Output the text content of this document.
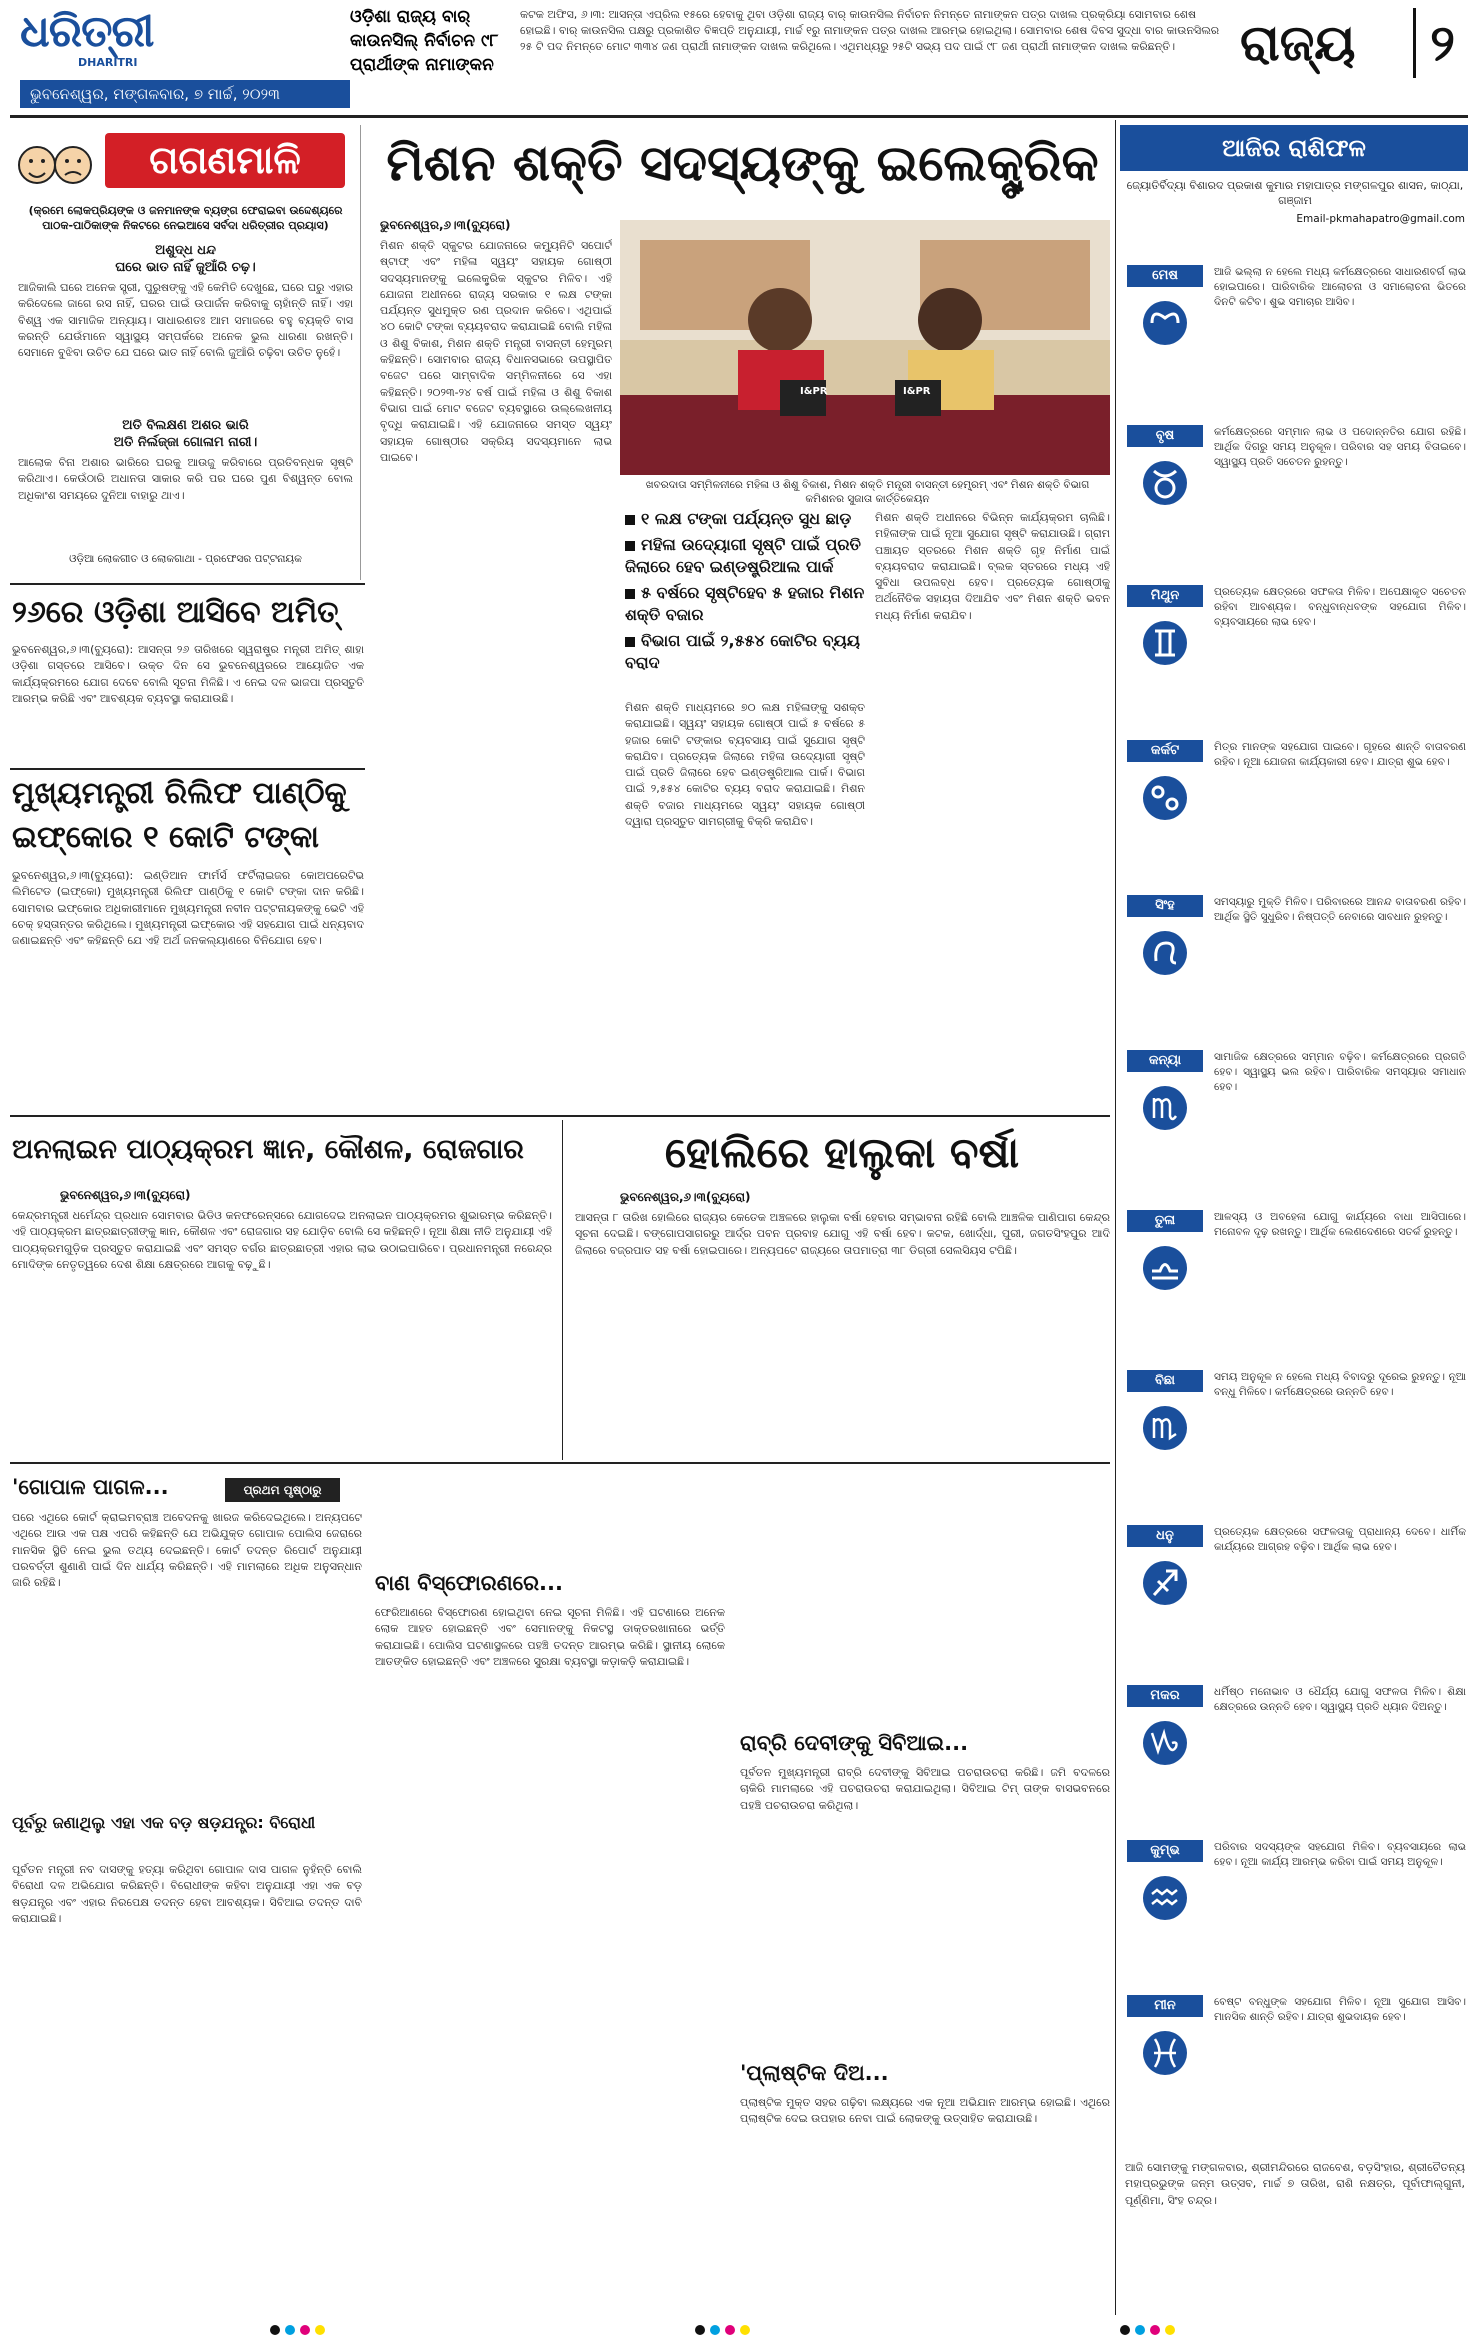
ଧରିତ୍ରୀ
DHARITRI
ଭୁବନେଶ୍ୱର, ମଙ୍ଗଳବାର, ୭ ମାର୍ଚ୍ଚ, ୨୦୨୩
ଓଡ଼ିଶା ରାଜ୍ୟ ବାର୍ କାଉନସିଲ୍ ନିର୍ବାଚନ ୯୮ ପ୍ରାର୍ଥୀଙ୍କ ନାମାଙ୍କନ
କଟକ ଅଫିସ, ୬।୩: ଆସନ୍ତା ଏପ୍ରିଲ ୧୫ରେ ହେବାକୁ ଥିବା ଓଡ଼ିଶା ରାଜ୍ୟ ବାର୍ କାଉନସିଲ ନିର୍ବାଚନ ନିମନ୍ତେ ନାମାଙ୍କନ ପତ୍ର ଦାଖଲ ପ୍ରକ୍ରିୟା ସୋମବାର ଶେଷ ହୋଇଛି। ବାର୍ କାଉନସିଲ ପକ୍ଷରୁ ପ୍ରକାଶିତ ବିଜ୍ଞପ୍ତି ଅନୁଯାୟୀ, ମାର୍ଚ୍ଚ ୧ରୁ ନାମାଙ୍କନ ପତ୍ର ଦାଖଲ ଆରମ୍ଭ ହୋଇଥିଲା। ସୋମବାର ଶେଷ ଦିବସ ସୁଦ୍ଧା ବାର କାଉନସିଲର ୨୫ ଟି ପଦ ନିମନ୍ତେ ମୋଟ ୩୩୪ ଜଣ ପ୍ରାର୍ଥୀ ନାମାଙ୍କନ ଦାଖଲ କରିଥିଲେ। ଏଥିମଧ୍ୟରୁ ୨୫ଟି ସଭ୍ୟ ପଦ ପାଇଁ ୯୮ ଜଣ ପ୍ରାର୍ଥୀ ନାମାଙ୍କନ ଦାଖଲ କରିଛନ୍ତି।	ରାଜ୍ୟ	୨
ଗଗଣମାଳି
(କ୍ରମେ ଲୋକପ୍ରିୟଙ୍କ ଓ ଜନମାନଙ୍କ ବ୍ୟଙ୍ଗ ଫେରାଇବା ଉଦ୍ଦେଶ୍ୟରେ ପାଠକ-ପାଠିକାଙ୍କ ନିକଟରେ ନେଇଆସେ ସର୍ବଦା ଧରିତ୍ରୀର ପ୍ରୟାସ)
ଅଶୁଦ୍ଧ ଧନ୍ଦ
ଘରେ ଭାତ ନାହିଁ ଜୁଆଁରି ଚଢ଼।
ଆଜିକାଲି ଘରେ ଅନେକ ସ୍ତ୍ରୀ, ପୁରୁଷଙ୍କୁ ଏହି କେମିତି ଦେଖୁଛେ, ଘରେ ଘରୁ ଏହାର କରିଦେଲେ ଜାଗେ ରସ ନାହିଁ, ଘରର ପାଇଁ ଉପାର୍ଜନ କରିବାକୁ ଚାହାଁନ୍ତି ନାହିଁ। ଏହା ବିଶ୍ୱ ଏକ ସାମାଜିକ ଅନ୍ୟାୟ। ସାଧାରଣତଃ ଆମ ସମାଜରେ ବହୁ ବ୍ୟକ୍ତି ବାସ କରନ୍ତି ଯେଉଁମାନେ ସ୍ୱାସ୍ଥ୍ୟ ସମ୍ପର୍କରେ ଅନେକ ଭୁଲ ଧାରଣା ରଖନ୍ତି। ସେମାନେ ବୁଝିବା ଉଚିତ ଯେ ଘରେ ଭାତ ନାହିଁ ବୋଲି ଜୁଆଁରି ଚଢ଼ିବା ଉଚିତ ନୁହେଁ।
ଅତି ବିଲକ୍ଷଣ ଅଶର ଭାରି
ଅତି ନିର୍ଲଜ୍ଜା ଗୋଳାମ ନାରୀ।
ଆଲୋକ ବିନା ଅଶାର ଭାରିରେ ଘରକୁ ଆଉଜୁ କରିବାରେ ପ୍ରତିବନ୍ଧକ ସୃଷ୍ଟି କରିଥାଏ। କେଉଁଠାରି ଅଧାନତା ସାକାର କରି ପର ଘରେ ପୁଣ ବିଶ୍ୱନ୍ତ ବୋଲ ଅଧିକାଂଶ ସମୟରେ ଦୁନିଆ ବାହାରୁ ଥାଏ।
ଓଡ଼ିଆ ଲୋକଗୀତ ଓ ଲୋକଗାଥା - ପ୍ରଫେସର ପଟ୍ଟନାୟକ
ମିଶନ ଶକ୍ତି ସଦସ୍ୟଙ୍କୁ ଇଲେକ୍ଟ୍ରିକ
ଭୁବନେଶ୍ୱର,୬।୩(ବ୍ୟୁରୋ)
ମିଶନ ଶକ୍ତି ସ୍କୁଟର ଯୋଜନାରେ କମ୍ୟୁନିଟି ସପୋର୍ଟ ଷ୍ଟାଫ୍ ଏବଂ ମହିଳା ସ୍ୱୟଂ ସହାୟକ ଗୋଷ୍ଠୀ ସଦସ୍ୟମାନଙ୍କୁ ଇଲେକ୍ଟ୍ରିକ ସ୍କୁଟର ମିଳିବ। ଏହି ଯୋଜନା ଅଧୀନରେ ରାଜ୍ୟ ସରକାର ୧ ଲକ୍ଷ ଟଙ୍କା ପର୍ଯ୍ୟନ୍ତ ସୁଧମୁକ୍ତ ରଣ ପ୍ରଦାନ କରିବେ। ଏଥିପାଇଁ ୪୦ କୋଟି ଟଙ୍କା ବ୍ୟୟବରାଦ କରାଯାଇଛି ବୋଲି ମହିଳା ଓ ଶିଶୁ ବିକାଶ, ମିଶନ ଶକ୍ତି ମନ୍ତ୍ରୀ ବାସନ୍ତୀ ହେମ୍ବ୍ରମ୍ କହିଛନ୍ତି। ସୋମବାର ରାଜ୍ୟ ବିଧାନସଭାରେ ଉପସ୍ଥାପିତ ବଜେଟ ପରେ ସାମ୍ବାଦିକ ସମ୍ମିଳନୀରେ ସେ ଏହା କହିଛନ୍ତି। ୨୦୨୩-୨୪ ବର୍ଷ ପାଇଁ ମହିଳା ଓ ଶିଶୁ ବିକାଶ ବିଭାଗ ପାଇଁ ମୋଟ ବଜେଟ ବ୍ୟବସ୍ଥାରେ ଉଲ୍ଲେଖନୀୟ ବୃଦ୍ଧି କରାଯାଇଛି। ଏହି ଯୋଜନାରେ ସମସ୍ତ ସ୍ୱୟଂ ସହାୟକ ଗୋଷ୍ଠୀର ସକ୍ରିୟ ସଦସ୍ୟମାନେ ଲାଭ ପାଇବେ।
I&PR	I&PR
ଖବରଦାତା ସମ୍ମିଳନୀରେ ମହିଳା ଓ ଶିଶୁ ବିକାଶ, ମିଶନ ଶକ୍ତି ମନ୍ତ୍ରୀ ବାସନ୍ତୀ ହେମ୍ବ୍ରମ୍ ଏବଂ ମିଶନ ଶକ୍ତି ବିଭାଗ କମିଶନର ସୁଜାତା କାର୍ତ୍ତିକେୟନ
୧ ଲକ୍ଷ ଟଙ୍କା ପର୍ଯ୍ୟନ୍ତ ସୁଧ ଛାଡ଼
ମହିଳା ଉଦ୍ୟୋଗୀ ସୃଷ୍ଟି ପାଇଁ ପ୍ରତି ଜିଲାରେ ହେବ ଇଣ୍ଡଷ୍ଟ୍ରିଆଲ ପାର୍କ
୫ ବର୍ଷରେ ସୃଷ୍ଟିହେବ ୫ ହଜାର ମିଶନ ଶକ୍ତି ବଜାର
ବିଭାଗ ପାଇଁ ୨,୫୫୪ କୋଟିର ବ୍ୟୟ ବରାଦ
ମିଶନ ଶକ୍ତି ମାଧ୍ୟମରେ ୭୦ ଲକ୍ଷ ମହିଳାଙ୍କୁ ସଶକ୍ତ କରାଯାଇଛି। ସ୍ୱୟଂ ସହାୟକ ଗୋଷ୍ଠୀ ପାଇଁ ୫ ବର୍ଷରେ ୫ ହଜାର କୋଟି ଟଙ୍କାର ବ୍ୟବସାୟ ପାଇଁ ସୁଯୋଗ ସୃଷ୍ଟି କରାଯିବ। ପ୍ରତ୍ୟେକ ଜିଲାରେ ମହିଳା ଉଦ୍ୟୋଗୀ ସୃଷ୍ଟି ପାଇଁ ପ୍ରତି ଜିଲାରେ ହେବ ଇଣ୍ଡଷ୍ଟ୍ରିଆଲ ପାର୍କ। ବିଭାଗ ପାଇଁ ୨,୫୫୪ କୋଟିର ବ୍ୟୟ ବରାଦ କରାଯାଇଛି। ମିଶନ ଶକ୍ତି ବଜାର ମାଧ୍ୟମରେ ସ୍ୱୟଂ ସହାୟକ ଗୋଷ୍ଠୀ ଦ୍ୱାରା ପ୍ରସ୍ତୁତ ସାମଗ୍ରୀକୁ ବିକ୍ରି କରାଯିବ।
ମିଶନ ଶକ୍ତି ଅଧୀନରେ ବିଭିନ୍ନ କାର୍ଯ୍ୟକ୍ରମ ଚାଲିଛି। ମହିଳାଙ୍କ ପାଇଁ ନୂଆ ସୁଯୋଗ ସୃଷ୍ଟି କରାଯାଉଛି। ଗ୍ରାମ ପଞ୍ଚାୟତ ସ୍ତରରେ ମିଶନ ଶକ୍ତି ଗୃହ ନିର୍ମାଣ ପାଇଁ ବ୍ୟୟବରାଦ କରାଯାଇଛି। ବ୍ଲକ ସ୍ତରରେ ମଧ୍ୟ ଏହି ସୁବିଧା ଉପଲବ୍ଧ ହେବ। ପ୍ରତ୍ୟେକ ଗୋଷ୍ଠୀକୁ ଅର୍ଥନୈତିକ ସହାୟତା ଦିଆଯିବ ଏବଂ ମିଶନ ଶକ୍ତି ଭବନ ମଧ୍ୟ ନିର୍ମାଣ କରାଯିବ।
୨୬ରେ ଓଡ଼ିଶା ଆସିବେ ଅମିତ୍
ଭୁବନେଶ୍ୱର,୬।୩(ବ୍ୟୁରୋ): ଆସନ୍ତା ୨୬ ତାରିଖରେ ସ୍ୱରାଷ୍ଟ୍ର ମନ୍ତ୍ରୀ ଅମିତ୍ ଶାହା ଓଡ଼ିଶା ଗସ୍ତରେ ଆସିବେ। ଉକ୍ତ ଦିନ ସେ ଭୁବନେଶ୍ୱରରେ ଆୟୋଜିତ ଏକ କାର୍ଯ୍ୟକ୍ରମରେ ଯୋଗ ଦେବେ ବୋଲି ସୂଚନା ମିଳିଛି। ଏ ନେଇ ଦଳ ଭାଜପା ପ୍ରସ୍ତୁତି ଆରମ୍ଭ କରିଛି ଏବଂ ଆବଶ୍ୟକ ବ୍ୟବସ୍ଥା କରାଯାଉଛି।
ମୁଖ୍ୟମନ୍ତ୍ରୀ ରିଲିଫ ପାଣ୍ଠିକୁ ଇଫ୍‌କୋର ୧ କୋଟି ଟଙ୍କା
ଭୁବନେଶ୍ୱର,୬।୩(ବ୍ୟୁରୋ): ଇଣ୍ଡିଆନ ଫାର୍ମର୍ସ ଫର୍ଟିଲାଇଜର କୋଅପରେଟିଭ ଲିମିଟେଡ (ଇଫ୍‌କୋ) ମୁଖ୍ୟମନ୍ତ୍ରୀ ରିଲିଫ ପାଣ୍ଠିକୁ ୧ କୋଟି ଟଙ୍କା ଦାନ କରିଛି। ସୋମବାର ଇଫ୍‌କୋର ଅଧିକାରୀମାନେ ମୁଖ୍ୟମନ୍ତ୍ରୀ ନବୀନ ପଟ୍ଟନାୟକଙ୍କୁ ଭେଟି ଏହି ଚେକ୍ ହସ୍ତାନ୍ତର କରିଥିଲେ। ମୁଖ୍ୟମନ୍ତ୍ରୀ ଇଫ୍‌କୋର ଏହି ସହଯୋଗ ପାଇଁ ଧନ୍ୟବାଦ ଜଣାଇଛନ୍ତି ଏବଂ କହିଛନ୍ତି ଯେ ଏହି ଅର୍ଥ ଜନକଲ୍ୟାଣରେ ବିନିଯୋଗ ହେବ।
ଅନଲାଇନ ପାଠ୍ୟକ୍ରମ ଜ୍ଞାନ, କୌଶଳ, ରୋଜଗାର
ଭୁବନେଶ୍ୱର,୬।୩(ବ୍ୟୁରୋ)
କେନ୍ଦ୍ରମନ୍ତ୍ରୀ ଧର୍ମେନ୍ଦ୍ର ପ୍ରଧାନ ସୋମବାର ଭିଡିଓ କନଫରେନ୍ସରେ ଯୋଗଦେଇ ଅନଲାଇନ ପାଠ୍ୟକ୍ରମର ଶୁଭାରମ୍ଭ କରିଛନ୍ତି। ଏହି ପାଠ୍ୟକ୍ରମ ଛାତ୍ରଛାତ୍ରୀଙ୍କୁ ଜ୍ଞାନ, କୌଶଳ ଏବଂ ରୋଜଗାର ସହ ଯୋଡ଼ିବ ବୋଲି ସେ କହିଛନ୍ତି। ନୂଆ ଶିକ୍ଷା ନୀତି ଅନୁଯାୟୀ ଏହି ପାଠ୍ୟକ୍ରମଗୁଡ଼ିକ ପ୍ରସ୍ତୁତ କରାଯାଇଛି ଏବଂ ସମସ୍ତ ବର୍ଗର ଛାତ୍ରଛାତ୍ରୀ ଏହାର ଲାଭ ଉଠାଇପାରିବେ। ପ୍ରଧାନମନ୍ତ୍ରୀ ନରେନ୍ଦ୍ର ମୋଦିଙ୍କ ନେତୃତ୍ୱରେ ଦେଶ ଶିକ୍ଷା କ୍ଷେତ୍ରରେ ଆଗକୁ ବଢ଼ୁଛି।
ହୋଲିରେ ହାଲୁକା ବର୍ଷା
ଭୁବନେଶ୍ୱର,୬।୩(ବ୍ୟୁରୋ)
ଆସନ୍ତା ୮ ତାରିଖ ହୋଲିରେ ରାଜ୍ୟର କେତେକ ଅଞ୍ଚଳରେ ହାଲୁକା ବର୍ଷା ହେବାର ସମ୍ଭାବନା ରହିଛି ବୋଲି ଆଞ୍ଚଳିକ ପାଣିପାଗ କେନ୍ଦ୍ର ସୂଚନା ଦେଇଛି। ବଙ୍ଗୋପସାଗରରୁ ଆର୍ଦ୍ର ପବନ ପ୍ରବାହ ଯୋଗୁ ଏହି ବର୍ଷା ହେବ। କଟକ, ଖୋର୍ଦ୍ଧା, ପୁରୀ, ଜଗତସିଂହପୁର ଆଦି ଜିଲାରେ ବଜ୍ରପାତ ସହ ବର୍ଷା ହୋଇପାରେ। ଅନ୍ୟପଟେ ରାଜ୍ୟରେ ତାପମାତ୍ରା ୩୮ ଡିଗ୍ରୀ ସେଲସିୟସ ଟପିଛି।
'ଗୋପାଳ ପାଗଳ...	ପ୍ରଥମ ପୃଷ୍ଠାରୁ
ପରେ ଏଥିରେ କୋର୍ଟ କ୍ରାଇମବ୍ରାଞ୍ଚ ଅବେଦନକୁ ଖାରଜ କରିଦେଇଥିଲେ। ଅନ୍ୟପଟେ ଏଥିରେ ଆଉ ଏକ ପକ୍ଷ ଏପରି କହିଛନ୍ତି ଯେ ଅଭିଯୁକ୍ତ ଗୋପାଳ ପୋଲିସ ଜେରାରେ ମାନସିକ ସ୍ଥିତି ନେଇ ଭୁଲ ତଥ୍ୟ ଦେଇଛନ୍ତି। କୋର୍ଟ ତଦନ୍ତ ରିପୋର୍ଟ ଅନୁଯାୟୀ ପରବର୍ତ୍ତୀ ଶୁଣାଣି ପାଇଁ ଦିନ ଧାର୍ଯ୍ୟ କରିଛନ୍ତି। ଏହି ମାମଲାରେ ଅଧିକ ଅନୁସନ୍ଧାନ ଜାରି ରହିଛି।
ପୂର୍ବରୁ ଜଣାଥିଲୁ ଏହା ଏକ ବଡ଼ ଷଡ଼ଯନ୍ତ୍ର: ବିରୋଧୀ
ପୂର୍ବତନ ମନ୍ତ୍ରୀ ନବ ଦାସଙ୍କୁ ହତ୍ୟା କରିଥିବା ଗୋପାଳ ଦାସ ପାଗଳ ନୁହଁନ୍ତି ବୋଲି ବିରୋଧୀ ଦଳ ଅଭିଯୋଗ କରିଛନ୍ତି। ବିରୋଧୀଙ୍କ କହିବା ଅନୁଯାୟୀ ଏହା ଏକ ବଡ଼ ଷଡ଼ଯନ୍ତ୍ର ଏବଂ ଏହାର ନିରପେକ୍ଷ ତଦନ୍ତ ହେବା ଆବଶ୍ୟକ। ସିବିଆଇ ତଦନ୍ତ ଦାବି କରାଯାଇଛି।
ବାଣ ବିସ୍ଫୋରଣରେ...
ଫେରିଆଣରେ ବିସ୍ଫୋରଣ ହୋଇଥିବା ନେଇ ସୂଚନା ମିଳିଛି। ଏହି ଘଟଣାରେ ଅନେକ ଲୋକ ଆହତ ହୋଇଛନ୍ତି ଏବଂ ସେମାନଙ୍କୁ ନିକଟସ୍ଥ ଡାକ୍ତରଖାନାରେ ଭର୍ତ୍ତି କରାଯାଇଛି। ପୋଲିସ ଘଟଣାସ୍ଥଳରେ ପହଞ୍ଚି ତଦନ୍ତ ଆରମ୍ଭ କରିଛି। ସ୍ଥାନୀୟ ଲୋକେ ଆତଙ୍କିତ ହୋଇଛନ୍ତି ଏବଂ ଅଞ୍ଚଳରେ ସୁରକ୍ଷା ବ୍ୟବସ୍ଥା କଡ଼ାକଡ଼ି କରାଯାଇଛି।
ରାବ୍ରି ଦେବୀଙ୍କୁ ସିବିଆଇ...
ପୂର୍ବତନ ମୁଖ୍ୟମନ୍ତ୍ରୀ ରାବ୍ରି ଦେବୀଙ୍କୁ ସିବିଆଇ ପଚରାଉଚରା କରିଛି। ଜମି ବଦଳରେ ଚାକିରି ମାମଲାରେ ଏହି ପଚରାଉଚରା କରାଯାଇଥିଲା। ସିବିଆଇ ଟିମ୍ ତାଙ୍କ ବାସଭବନରେ ପହଞ୍ଚି ପଚରାଉଚରା କରିଥିଲା।
'ପ୍ଲାଷ୍ଟିକ ଦିଅ...
ପ୍ଲାଷ୍ଟିକ ମୁକ୍ତ ସହର ଗଢ଼ିବା ଲକ୍ଷ୍ୟରେ ଏକ ନୂଆ ଅଭିଯାନ ଆରମ୍ଭ ହୋଇଛି। ଏଥିରେ ପ୍ଲାଷ୍ଟିକ ଦେଇ ଉପହାର ନେବା ପାଇଁ ଲୋକଙ୍କୁ ଉତ୍ସାହିତ କରାଯାଉଛି।
ଆଜିର ରାଶିଫଳ
ଜ୍ୟୋତିର୍ବିଦ୍ୟା ବିଶାରଦ ପ୍ରକାଶ କୁମାର ମହାପାତ୍ର ମଙ୍ଗଳପୁର ଶାସନ, କାଠ୍ଯା, ଗଞ୍ଜାମ
Email-pkmahapatro@gmail.com
ମେଷ	ଆଜି ଭଲ୍ଲା ନ ହେଲେ ମଧ୍ୟ କର୍ମକ୍ଷେତ୍ରରେ ସାଧାରଣବର୍ଗ ଲାଭ ହୋଇପାରେ। ପାରିବାରିକ ଆଲୋଚନା ଓ ସମାଲୋଚନା ଭିତରେ ଦିନଟି କଟିବ। ଶୁଭ ସମାଚାର ଆସିବ।
ବୃଷ	କର୍ମକ୍ଷେତ୍ରରେ ସମ୍ମାନ ଲାଭ ଓ ପଦୋନ୍ନତିର ଯୋଗ ରହିଛି। ଆର୍ଥିକ ଦିଗରୁ ସମୟ ଅନୁକୂଳ। ପରିବାର ସହ ସମୟ ବିତାଇବେ। ସ୍ୱାସ୍ଥ୍ୟ ପ୍ରତି ସଚେତନ ରୁହନ୍ତୁ।
ମିଥୁନ	ପ୍ରତ୍ୟେକ କ୍ଷେତ୍ରରେ ସଫଳତା ମିଳିବ। ଅପେକ୍ଷାକୃତ ସଚେତନ ରହିବା ଆବଶ୍ୟକ। ବନ୍ଧୁବାନ୍ଧବଙ୍କ ସହଯୋଗ ମିଳିବ। ବ୍ୟବସାୟରେ ଲାଭ ହେବ।
କର୍କଟ	ମିତ୍ର ମାନଙ୍କ ସହଯୋଗ ପାଇବେ। ଗୃହରେ ଶାନ୍ତି ବାତାବରଣ ରହିବ। ନୂଆ ଯୋଜନା କାର୍ଯ୍ୟକାରୀ ହେବ। ଯାତ୍ରା ଶୁଭ ହେବ।
ସିଂହ	ସମସ୍ୟାରୁ ମୁକ୍ତି ମିଳିବ। ପରିବାରରେ ଆନନ୍ଦ ବାତାବରଣ ରହିବ। ଆର୍ଥିକ ସ୍ଥିତି ସୁଧୁରିବ। ନିଷ୍ପତ୍ତି ନେବାରେ ସାବଧାନ ରୁହନ୍ତୁ।
କନ୍ୟା	ସାମାଜିକ କ୍ଷେତ୍ରରେ ସମ୍ମାନ ବଢ଼ିବ। କର୍ମକ୍ଷେତ୍ରରେ ପ୍ରଗତି ହେବ। ସ୍ୱାସ୍ଥ୍ୟ ଭଲ ରହିବ। ପାରିବାରିକ ସମସ୍ୟାର ସମାଧାନ ହେବ।
ତୁଳା	ଆଳସ୍ୟ ଓ ଅବହେଳା ଯୋଗୁ କାର୍ଯ୍ୟରେ ବାଧା ଆସିପାରେ। ମନୋବଳ ଦୃଢ଼ ରଖନ୍ତୁ। ଆର୍ଥିକ ଲେଣଦେଣରେ ସତର୍କ ରୁହନ୍ତୁ।
ବିଛା	ସମୟ ଅନୁକୂଳ ନ ହେଲେ ମଧ୍ୟ ବିବାଦରୁ ଦୂରେଇ ରୁହନ୍ତୁ। ନୂଆ ବନ୍ଧୁ ମିଳିବେ। କର୍ମକ୍ଷେତ୍ରରେ ଉନ୍ନତି ହେବ।
ଧନୁ	ପ୍ରତ୍ୟେକ କ୍ଷେତ୍ରରେ ସଫଳତାକୁ ପ୍ରାଧାନ୍ୟ ଦେବେ। ଧାର୍ମିକ କାର୍ଯ୍ୟରେ ଆଗ୍ରହ ବଢ଼ିବ। ଆର୍ଥିକ ଲାଭ ହେବ।
ମକର	ଧର୍ମିଷ୍ଠ ମନୋଭାବ ଓ ଧୈର୍ଯ୍ୟ ଯୋଗୁ ସଫଳତା ମିଳିବ। ଶିକ୍ଷା କ୍ଷେତ୍ରରେ ଉନ୍ନତି ହେବ। ସ୍ୱାସ୍ଥ୍ୟ ପ୍ରତି ଧ୍ୟାନ ଦିଅନ୍ତୁ।
କୁମ୍ଭ	ପରିବାର ସଦସ୍ୟଙ୍କ ସହଯୋଗ ମିଳିବ। ବ୍ୟବସାୟରେ ଲାଭ ହେବ। ନୂଆ କାର୍ଯ୍ୟ ଆରମ୍ଭ କରିବା ପାଇଁ ସମୟ ଅନୁକୂଳ।
ମୀନ	ବେଷ୍ଟ ବନ୍ଧୁଙ୍କ ସହଯୋଗ ମିଳିବ। ନୂଆ ସୁଯୋଗ ଆସିବ। ମାନସିକ ଶାନ୍ତି ରହିବ। ଯାତ୍ରା ଶୁଭଦାୟକ ହେବ।
ଆଜି ସୋମଙ୍କୁ ମଙ୍ଗଳବାର, ଶ୍ରୀମନ୍ଦିରରେ ରାଜବେଶ, ବଡ଼ସିଂହାର, ଶ୍ରୀଚୈତନ୍ୟ ମହାପ୍ରଭୁଙ୍କ ଜନ୍ମ ଉତ୍ସବ, ମାର୍ଚ୍ଚ ୭ ତାରିଖ, ରାଶି ନକ୍ଷତ୍ର, ପୂର୍ବାଫାଲ୍ଗୁନୀ, ପୂର୍ଣ୍ଣିମା, ସିଂହ ଚନ୍ଦ୍ର।
